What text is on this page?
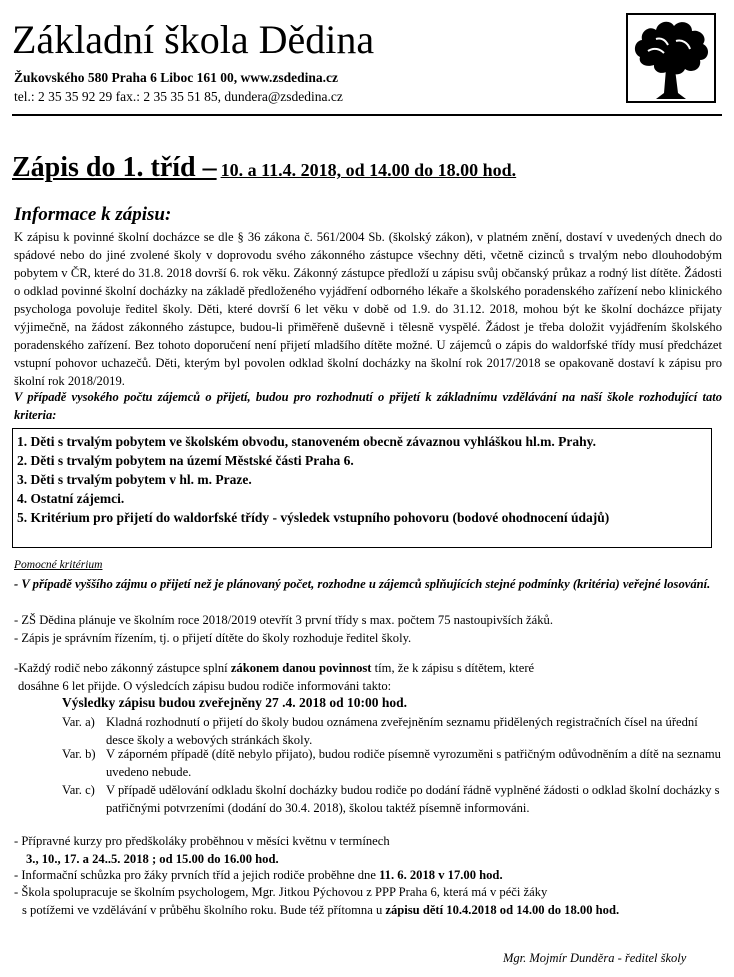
Základní škola Dědina
Žukovského 580 Praha 6 Liboc 161 00, www.zsdedina.cz
tel.: 2 35 35 92 29 fax.: 2 35 35 51 85, dundera@zsdedina.cz
Zápis do 1. tříd – 10. a 11.4. 2018, od 14.00 do 18.00 hod.
Informace k zápisu:
K zápisu k povinné školní docházce se dle § 36 zákona č. 561/2004 Sb. (školský zákon), v platném znění, dostaví v uvedených dnech do spádové nebo do jiné zvolené školy v doprovodu svého zákonného zástupce všechny děti, včetně cizinců s trvalým nebo dlouhodobým pobytem v ČR, které do 31.8. 2018 dovrší 6. rok věku. Zákonný zástupce předloží u zápisu svůj občanský průkaz a rodný list dítěte. Žádosti o odklad povinné školní docházky na základě předloženého vyjádření odborného lékaře a školského poradenského zařízení nebo klinického psychologa povoluje ředitel školy. Děti, které dovrší 6 let věku v době od 1.9. do 31.12. 2018, mohou být ke školní docházce přijaty výjimečně, na žádost zákonného zástupce, budou-li přiměřeně duševně i tělesně vyspělé. Žádost je třeba doložit vyjádřením školského poradenského zařízení. Bez tohoto doporučení není přijetí mladšího dítěte možné. U zájemců o zápis do waldorfské třídy musí předcházet vstupní pohovor uchazečů. Děti, kterým byl povolen odklad školní docházky na školní rok 2017/2018 se opakovaně dostaví k zápisu pro školní rok 2018/2019.
V případě vysokého počtu zájemců o přijetí, budou pro rozhodnutí o přijetí k základnímu vzdělávání na naší škole rozhodující tato kriteria:
1. Děti s trvalým pobytem ve školském obvodu, stanoveném obecně závaznou vyhláškou hl.m. Prahy.
2. Děti s trvalým pobytem na území Městské části Praha 6.
3. Děti s trvalým pobytem v hl. m. Praze.
4. Ostatní zájemci.
5. Kritérium pro přijetí do waldorfské třídy - výsledek vstupního pohovoru (bodové ohodnocení údajů)
Pomocné kritérium
- V případě vyššího zájmu o přijetí než je plánovaný počet, rozhodne u zájemců splňujících stejné podmínky (kritéria) veřejné losování.
- ZŠ Dědina plánuje ve školním roce 2018/2019 otevřít 3 první třídy s max. počtem 75 nastoupivších žáků.
- Zápis je správním řízením, tj. o přijetí dítěte do školy rozhoduje ředitel školy.
-Každý rodič nebo zákonný zástupce splní zákonem danou povinnost tím, že k zápisu s dítětem, které
dosáhne 6 let přijde. O výsledcích zápisu budou rodiče informováni takto:
Výsledky zápisu budou zveřejněny 27 .4. 2018 od 10:00 hod.
Var. a) Kladná rozhodnutí o přijetí do školy budou oznámena zveřejněním seznamu přidělených registračních čísel na úřední desce školy a webových stránkách školy.
Var. b) V záporném případě (dítě nebylo přijato), budou rodiče písemně vyrozuměni s patřičným odůvodněním a dítě na seznamu uvedeno nebude.
Var. c) V případě udělování odkladu školní docházky budou rodiče po dodání řádně vyplněné žádosti o odklad školní docházky s patřičnými potvrzeními (dodání do 30.4. 2018), školou taktéž písemně informováni.
- Přípravné kurzy pro předškoláky proběhnou v měsíci květnu v termínech
3., 10., 17. a 24..5. 2018 ; od 15.00 do 16.00 hod.
- Informační schůzka pro žáky prvních tříd a jejich rodiče proběhne dne 11. 6. 2018 v 17.00 hod.
- Škola spolupracuje se školním psychologem, Mgr. Jitkou Pýchovou z PPP Praha 6, která má v péči žáky
s potížemi ve vzdělávání v průběhu školního roku. Bude též přítomna u zápisu dětí 10.4.2018 od 14.00 do 18.00 hod.
Mgr. Mojmír Dunděra - ředitel školy
